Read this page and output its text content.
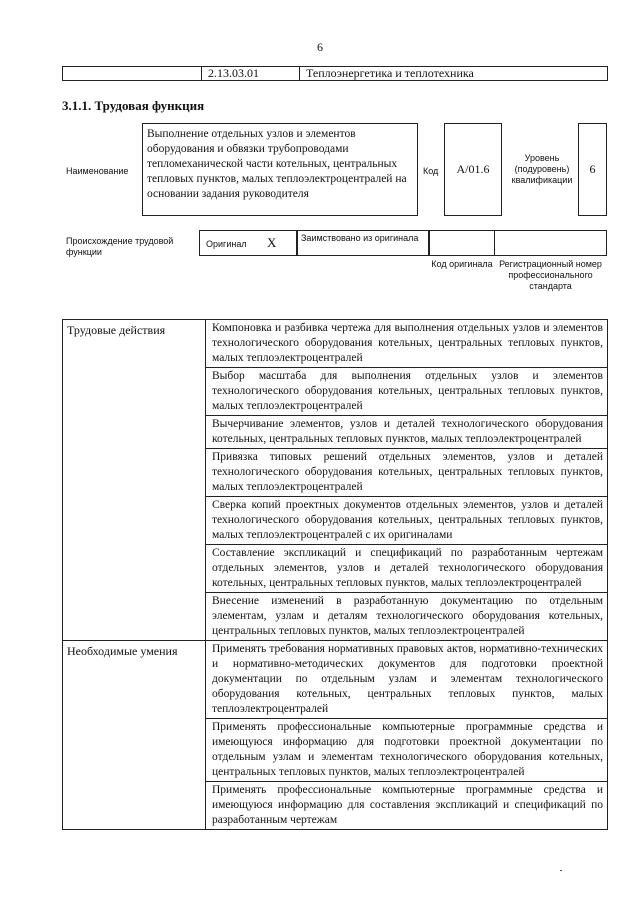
6
2.13.03.01	Теплоэнергетика и теплотехника
3.1.1. Трудовая функция
Наименование
Выполнение отдельных узлов и элементов оборудования и обвязки трубопроводами тепломеханической части котельных, центральных тепловых пунктов, малых теплоэлектроцентралей на основании задания руководителя
Код	A/01.6
Уровень (подуровень) квалификации
6
Происхождение трудовой функции
Оригинал X	Заимствовано из оригинала
Код оригинала Регистрационный номер профессионального стандарта
Трудовые действия	Компоновка и разбивка чертежа для выполнения отдельных узлов и элементов технологического оборудования котельных, центральных тепловых пунктов, малых теплоэлектроцентралей
	Выбор масштаба для выполнения отдельных узлов и элементов технологического оборудования котельных, центральных тепловых пунктов, малых теплоэлектроцентралей
	Вычерчивание элементов, узлов и деталей технологического оборудования котельных, центральных тепловых пунктов, малых теплоэлектроцентралей
	Привязка типовых решений отдельных элементов, узлов и деталей технологического оборудования котельных, центральных тепловых пунктов, малых теплоэлектроцентралей
	Сверка копий проектных документов отдельных элементов, узлов и деталей технологического оборудования котельных, центральных тепловых пунктов, малых теплоэлектроцентралей с их оригиналами
	Составление экспликаций и спецификаций по разработанным чертежам отдельных элементов, узлов и деталей технологического оборудования котельных, центральных тепловых пунктов, малых теплоэлектроцентралей
	Внесение изменений в разработанную документацию по отдельным элементам, узлам и деталям технологического оборудования котельных, центральных тепловых пунктов, малых теплоэлектроцентралей
Необходимые умения	Применять требования нормативных правовых актов, нормативно-технических и нормативно-методических документов для подготовки проектной документации по отдельным узлам и элементам технологического оборудования котельных, центральных тепловых пунктов, малых теплоэлектроцентралей
	Применять профессиональные компьютерные программные средства и имеющуюся информацию для подготовки проектной документации по отдельным узлам и элементам технологического оборудования котельных, центральных тепловых пунктов, малых теплоэлектроцентралей
	Применять профессиональные компьютерные программные средства и имеющуюся информацию для составления экспликаций и спецификаций по разработанным чертежам
